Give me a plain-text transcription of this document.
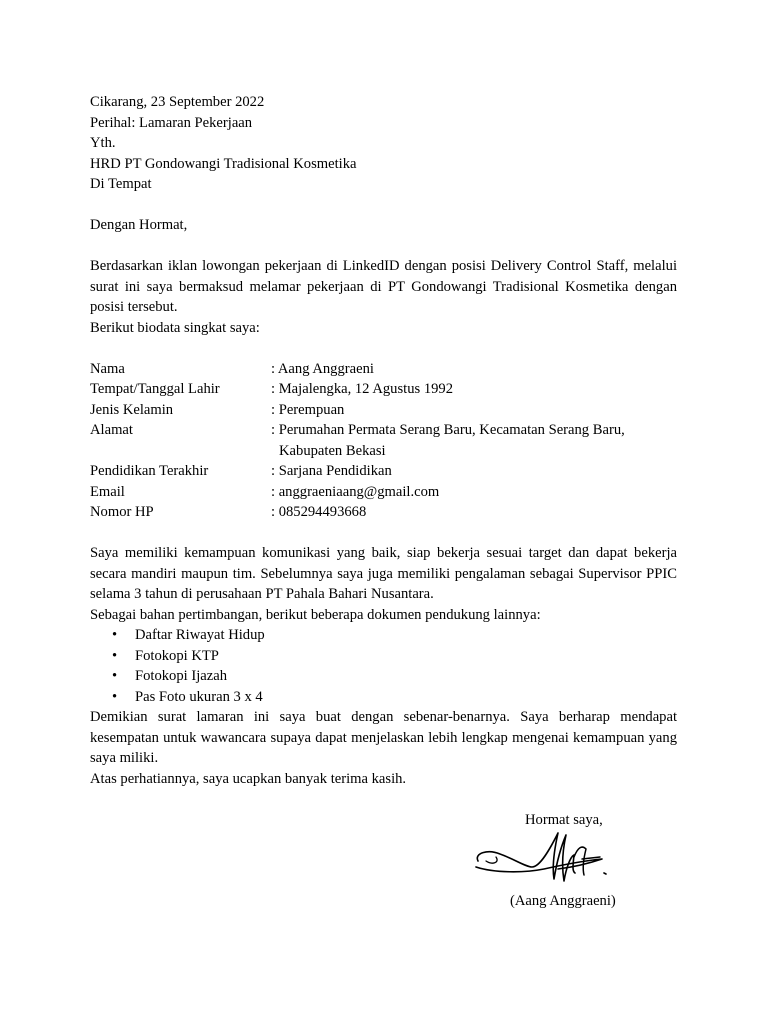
Cikarang, 23 September 2022
Perihal: Lamaran Pekerjaan
Yth.
HRD PT Gondowangi Tradisional Kosmetika
Di Tempat
Dengan Hormat,

Berdasarkan iklan lowongan pekerjaan di LinkedID dengan posisi Delivery Control Staff, melalui surat ini saya bermaksud melamar pekerjaan di PT Gondowangi Tradisional Kosmetika dengan posisi tersebut.

Berikut biodata singkat saya:
Nama	: Aang Anggraeni
Tempat/Tanggal Lahir	: Majalengka, 12 Agustus 1992
Jenis Kelamin	: Perempuan
Alamat	: Perumahan Permata Serang Baru, Kecamatan Serang Baru,
Kabupaten Bekasi

Pendidikan Terakhir	: Sarjana Pendidikan
Email	: anggraeniaang@gmail.com
Nomor HP	: 085294493668

Saya memiliki kemampuan komunikasi yang baik, siap bekerja sesuai target dan dapat bekerja secara mandiri maupun tim. Sebelumnya saya juga memiliki pengalaman sebagai Supervisor PPIC selama 3 tahun di perusahaan PT Pahala Bahari Nusantara.

Sebagai bahan pertimbangan, berikut beberapa dokumen pendukung lainnya:
• Daftar Riwayat Hidup
• Fotokopi KTP
• Fotokopi Ijazah
• Pas Foto ukuran 3 x 4

Demikian surat lamaran ini saya buat dengan sebenar-benarnya. Saya berharap mendapat kesempatan untuk wawancara supaya dapat menjelaskan lebih lengkap mengenai kemampuan yang saya miliki.

Atas perhatiannya, saya ucapkan banyak terima kasih.
Hormat saya,
(Aang Anggraeni)
